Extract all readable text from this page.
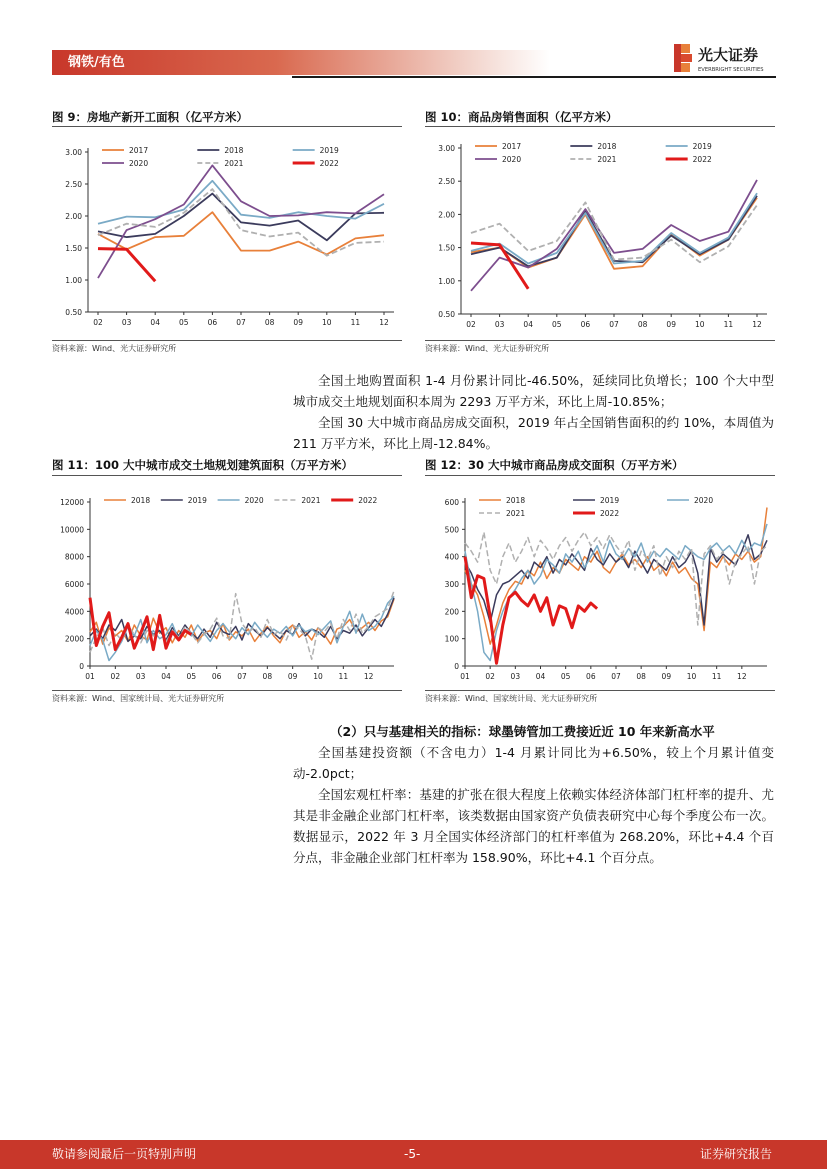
钢铁/有色	光大证券
EVERBRIGHT SECURITIES
图 9：房地产新开工面积（亿平方米）
0.50
1.00
1.50
2.00
2.50
3.00
02	03	04	05	06	07	08	09	10	11	12
2017	2018	2019
2020	2021	2022
资料来源：Wind、光大证券研究所
图 10：商品房销售面积（亿平方米）
0.50
1.00
1.50
2.00
2.50
3.00
02	03	04	05	06	07	08	09	10	11	12
2017	2018	2019
2020	2021	2022
资料来源：Wind、光大证券研究所

全国土地购置面积 1-4 月份累计同比-46.50%，延续同比负增长；100 个大中型城市成交土地规划面积本周为 2293 万平方米，环比上周-10.85%；

全国 30 大中城市商品房成交面积，2019 年占全国销售面积的约 10%，本周值为 211 万平方米，环比上周-12.84%。

图 11：100 大中城市成交土地规划建筑面积（万平方米）
0
2000
4000
6000
8000
10000
12000
01 02 03 04 05 06 07 08 09 10 11 12
2018	2019	2020	2021	2022
资料来源：Wind、国家统计局、光大证券研究所
图 12：30 大中城市商品房成交面积（万平方米）
0
100
200
300
400
500
600
01 02 03 04 05 06 07 08 09 10 11 12
2018	2019	2020
2021	2022
资料来源：Wind、国家统计局、光大证券研究所
（2）只与基建相关的指标：球墨铸管加工费接近近 10 年来新高水平

全国基建投资额（不含电力）1-4 月累计同比为+6.50%，较上个月累计值变动-2.0pct；

全国宏观杠杆率：基建的扩张在很大程度上依赖实体经济体部门杠杆率的提升、尤其是非金融企业部门杠杆率，该类数据由国家资产负债表研究中心每个季度公布一次。数据显示，2022 年 3 月全国实体经济部门的杠杆率值为 268.20%，环比+4.4 个百分点，非金融企业部门杠杆率为 158.90%，环比+4.1 个百分点。

敬请参阅最后一页特别声明	-5-	证券研究报告
